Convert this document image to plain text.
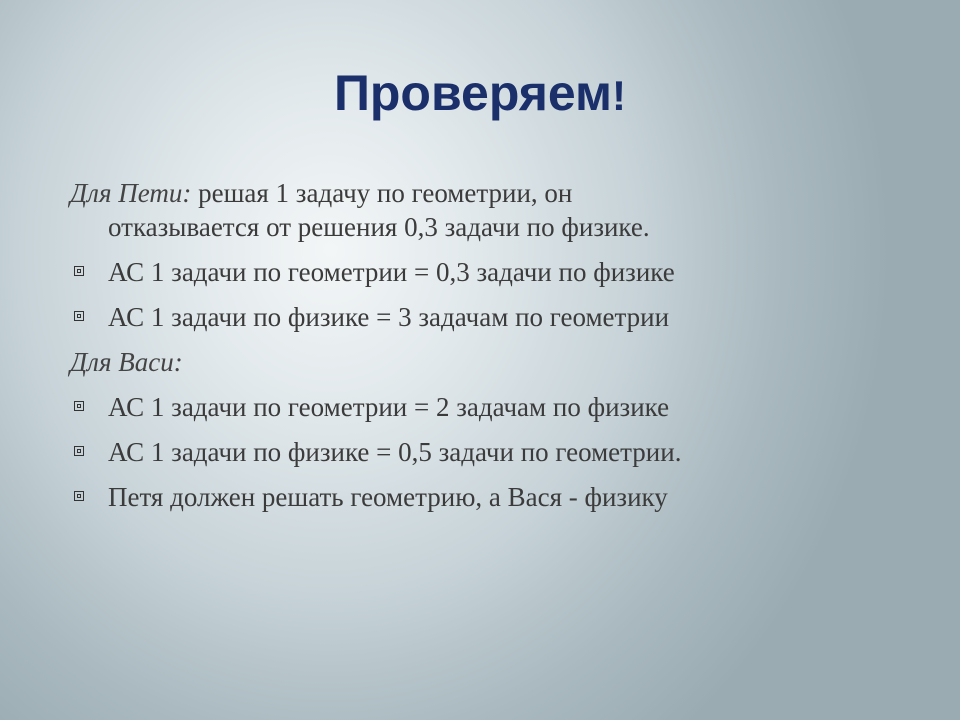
Проверяем!
Для Пети: решая 1 задачу по геометрии, он
отказывается от решения 0,3 задачи по физике.
АС 1 задачи по геометрии = 0,3 задачи по физике
АС 1 задачи по физике = 3 задачам по геометрии
Для Васи:
АС 1 задачи по геометрии = 2 задачам по физике
АС 1 задачи по физике = 0,5 задачи по геометрии.
Петя должен решать геометрию, а Вася - физику
